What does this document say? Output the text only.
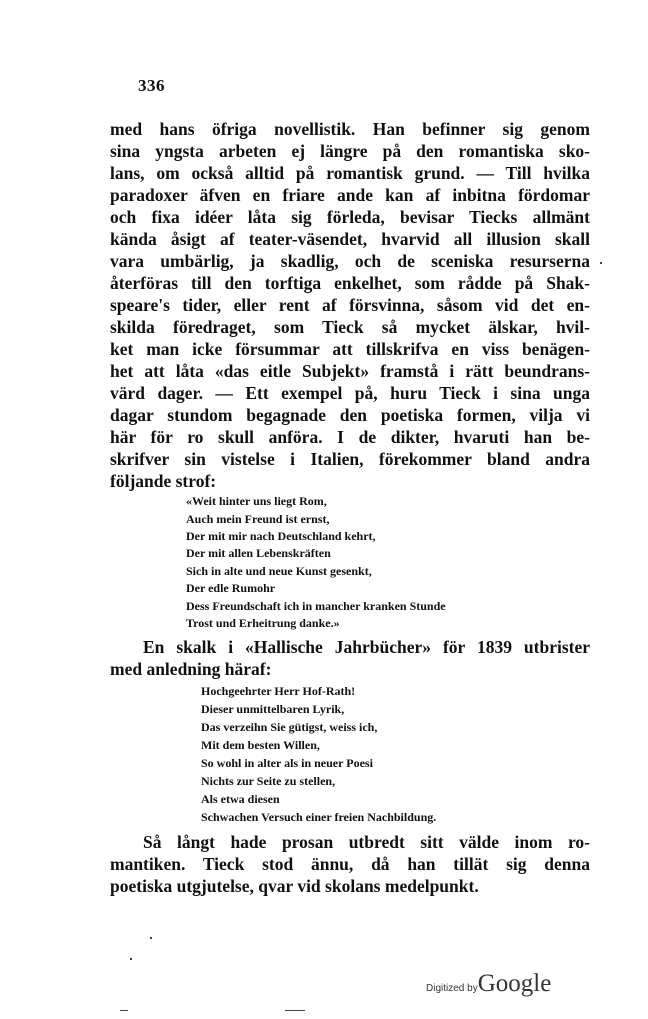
336
med hans öfriga novellistik. Han befinner sig genom
sina yngsta arbeten ej längre på den romantiska sko-
lans, om också alltid på romantisk grund. — Till hvilka
paradoxer äfven en friare ande kan af inbitna fördomar
och fixa idéer låta sig förleda, bevisar Tiecks allmänt
kända åsigt af teater-väsendet, hvarvid all illusion skall
vara umbärlig, ja skadlig, och de sceniska resurserna
återföras till den torftiga enkelhet, som rådde på Shak-
speare's tider, eller rent af försvinna, såsom vid det en-
skilda föredraget, som Tieck så mycket älskar, hvil-
ket man icke försummar att tillskrifva en viss benägen-
het att låta «das eitle Subjekt» framstå i rätt beundrans-
värd dager. — Ett exempel på, huru Tieck i sina unga
dagar stundom begagnade den poetiska formen, vilja vi
här för ro skull anföra. I de dikter, hvaruti han be-
skrifver sin vistelse i Italien, förekommer bland andra
följande strof:
«Weit hinter uns liegt Rom,
Auch mein Freund ist ernst,
Der mit mir nach Deutschland kehrt,
Der mit allen Lebenskräften
Sich in alte und neue Kunst gesenkt,
Der edle Rumohr
Dess Freundschaft ich in mancher kranken Stunde
Trost und Erheitrung danke.»
En skalk i «Hallische Jahrbücher» för 1839 utbrister
med anledning häraf:
Hochgeehrter Herr Hof-Rath!
Dieser unmittelbaren Lyrik,
Das verzeihn Sie gütigst, weiss ich,
Mit dem besten Willen,
So wohl in alter als in neuer Poesi
Nichts zur Seite zu stellen,
Als etwa diesen
Schwachen Versuch einer freien Nachbildung.
Så långt hade prosan utbredt sitt välde inom ro-
mantiken. Tieck stod ännu, då han tillät sig denna
poetiska utgjutelse, qvar vid skolans medelpunkt.
Digitized byGoogle
